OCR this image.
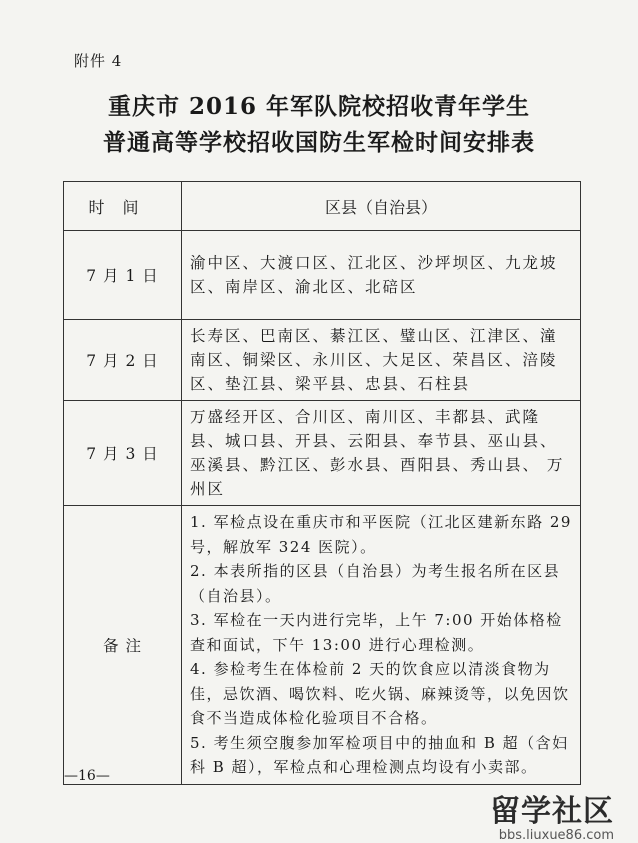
附件 4
重庆市 2016 年军队院校招收青年学生
普通高等学校招收国防生军检时间安排表
时间	区县（自治县）
7 月 1 日	渝中区、大渡口区、江北区、沙坪坝区、九龙坡区、南岸区、渝北区、北碚区
7 月 2 日	长寿区、巴南区、綦江区、璧山区、江津区、潼南区、铜梁区、永川区、大足区、荣昌区、涪陵区、垫江县、梁平县、忠县、石柱县
7 月 3 日	万盛经开区、合川区、南川区、丰都县、武隆县、城口县、开县、云阳县、奉节县、巫山县、巫溪县、黔江区、彭水县、酉阳县、秀山县、 万州区
备 注	1. 军检点设在重庆市和平医院（江北区建新东路 29 号，解放军 324 医院）。
2. 本表所指的区县（自治县）为考生报名所在区县（自治县）。
3. 军检在一天内进行完毕，上午 7:00 开始体格检查和面试，下午 13:00 进行心理检测。
4. 参检考生在体检前 2 天的饮食应以清淡食物为佳，忌饮酒、喝饮料、吃火锅、麻辣烫等，以免因饮食不当造成体检化验项目不合格。
5. 考生须空腹参加军检项目中的抽血和 B 超（含妇科 B 超），军检点和心理检测点均设有小卖部。
—16—
留学社区
bbs.liuxue86.com
